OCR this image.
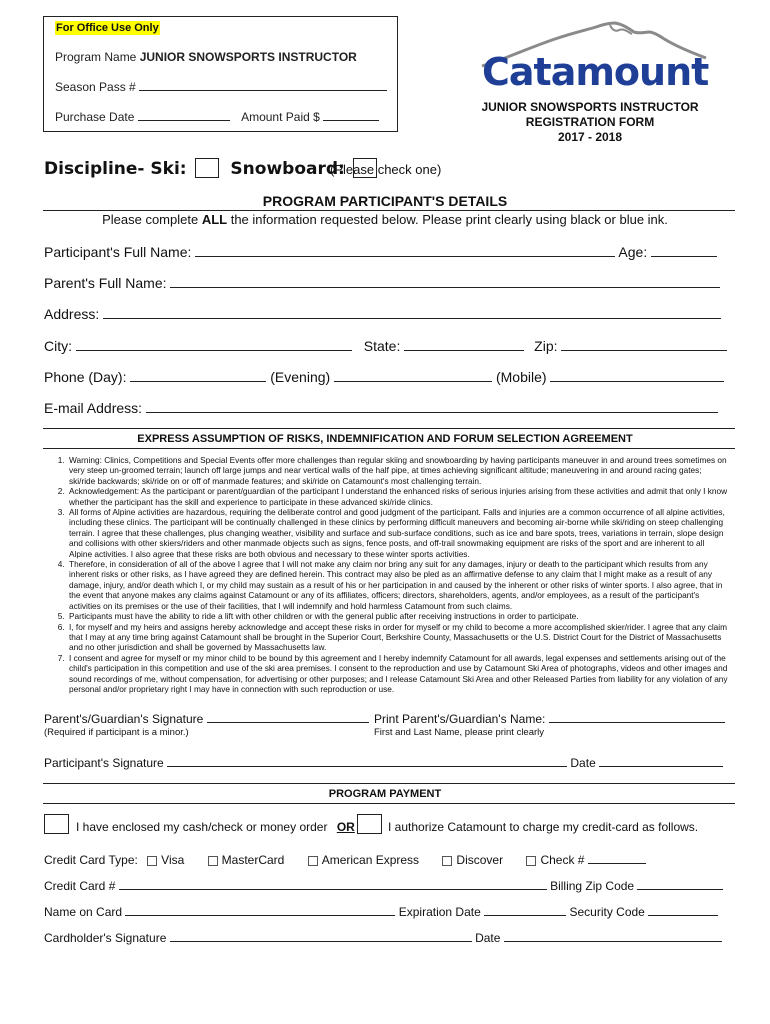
For Office Use Only
Program Name JUNIOR SNOWSPORTS INSTRUCTOR
Season Pass #
Purchase Date	Amount Paid $
Catamount
JUNIOR SNOWSPORTS INSTRUCTOR
REGISTRATION FORM
2017 - 2018
Discipline- Ski:	Snowboard:
(Please check one)
PROGRAM PARTICIPANT'S DETAILS
Please complete ALL the information requested below. Please print clearly using black or blue ink.
Participant's Full Name:	Age:
Parent's Full Name:
Address:
City:	State:	Zip:
Phone (Day):	(Evening)	(Mobile)
E-mail Address:
EXPRESS ASSUMPTION OF RISKS, INDEMNIFICATION AND FORUM SELECTION AGREEMENT
1. Warning: Clinics, Competitions and Special Events offer more challenges than regular skiing and snowboarding by having participants maneuver in and around trees sometimes on very steep un-groomed terrain; launch off large jumps and near vertical walls of the half pipe, at times achieving significant altitude; maneuvering in and around racing gates; ski/ride backwards; ski/ride on or off of manmade features; and ski/ride on Catamount's most challenging terrain.
2. Acknowledgement: As the participant or parent/guardian of the participant I understand the enhanced risks of serious injuries arising from these activities and admit that only I know whether the participant has the skill and experience to participate in these advanced ski/ride clinics.
3. All forms of Alpine activities are hazardous, requiring the deliberate control and good judgment of the participant. Falls and injuries are a common occurrence of all alpine activities, including these clinics. The participant will be continually challenged in these clinics by performing difficult maneuvers and becoming air-borne while ski/riding on steep challenging terrain. I agree that these challenges, plus changing weather, visibility and surface and sub-surface conditions, such as ice and bare spots, trees, variations in terrain, slope design and collisions with other skiers/riders and other manmade objects such as signs, fence posts, and off-trail snowmaking equipment are risks of the sport and are inherent to all Alpine activities. I also agree that these risks are both obvious and necessary to these winter sports activities.
4. Therefore, in consideration of all of the above I agree that I will not make any claim nor bring any suit for any damages, injury or death to the participant which results from any inherent risks or other risks, as I have agreed they are defined herein. This contract may also be pled as an affirmative defense to any claim that I might make as a result of any damage, injury, and/or death which I, or my child may sustain as a result of his or her participation in and caused by the inherent or other risks of winter sports. I also agree, that in the event that anyone makes any claims against Catamount or any of its affiliates, officers; directors, shareholders, agents, and/or employees, as a result of the participant's activities on its premises or the use of their facilities, that I will indemnify and hold harmless Catamount from such claims.
5. Participants must have the ability to ride a lift with other children or with the general public after receiving instructions in order to participate.
6. I, for myself and my heirs and assigns hereby acknowledge and accept these risks in order for myself or my child to become a more accomplished skier/rider. I agree that any claim that I may at any time bring against Catamount shall be brought in the Superior Court, Berkshire County, Massachusetts or the U.S. District Court for the District of Massachusetts and no other jurisdiction and shall be governed by Massachusetts law.
7. I consent and agree for myself or my minor child to be bound by this agreement and I hereby indemnify Catamount for all awards, legal expenses and settlements arising out of the child's participation in this competition and use of the ski area premises. I consent to the reproduction and use by Catamount Ski Area of photographs, videos and other images and sound recordings of me, without compensation, for advertising or other purposes; and I release Catamount Ski Area and other Released Parties from liability for any violation of any personal and/or proprietary right I may have in connection with such reproduction or use.
Parent's/Guardian's Signature
(Required if participant is a minor.)
Print Parent's/Guardian's Name:
First and Last Name, please print clearly
Participant's Signature	Date
PROGRAM PAYMENT
I have enclosed my cash/check or money order OR	I authorize Catamount to charge my credit-card as follows.
Credit Card Type: Visa	MasterCard	American Express	Discover	Check #
Credit Card #	Billing Zip Code
Name on Card	Expiration Date	Security Code
Cardholder's Signature	Date
